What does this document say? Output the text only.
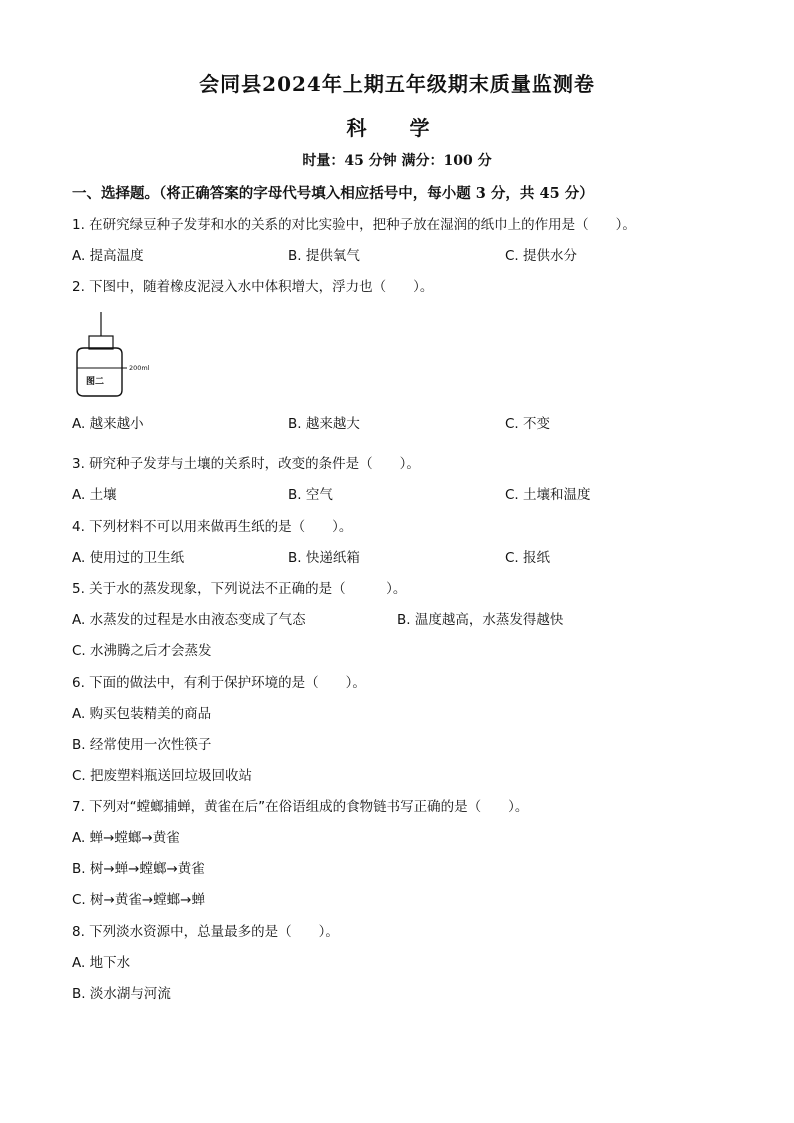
会同县2024年上期五年级期末质量监测卷
科 学
时量：45 分钟 满分：100 分
一、选择题。（将正确答案的字母代号填入相应括号中，每小题 3 分，共 45 分）
1. 在研究绿豆种子发芽和水的关系的对比实验中，把种子放在湿润的纸巾上的作用是（　　）。
A. 提高温度	B. 提供氧气	C. 提供水分
2. 下图中，随着橡皮泥浸入水中体积增大，浮力也（　　）。
200ml
图二
A. 越来越小	B. 越来越大	C. 不变
3. 研究种子发芽与土壤的关系时，改变的条件是（　　）。
A. 土壤	B. 空气	C. 土壤和温度
4. 下列材料不可以用来做再生纸的是（　　）。
A. 使用过的卫生纸	B. 快递纸箱	C. 报纸
5. 关于水的蒸发现象，下列说法不正确的是（　　　）。
A. 水蒸发的过程是水由液态变成了气态	B. 温度越高，水蒸发得越快
C. 水沸腾之后才会蒸发
6. 下面的做法中，有利于保护环境的是（　　）。
A. 购买包装精美的商品
B. 经常使用一次性筷子
C. 把废塑料瓶送回垃圾回收站
7. 下列对“螳螂捕蝉，黄雀在后”在俗语组成的食物链书写正确的是（　　）。
A. 蝉→螳螂→黄雀
B. 树→蝉→螳螂→黄雀
C. 树→黄雀→螳螂→蝉
8. 下列淡水资源中，总量最多的是（　　）。
A. 地下水
B. 淡水湖与河流
